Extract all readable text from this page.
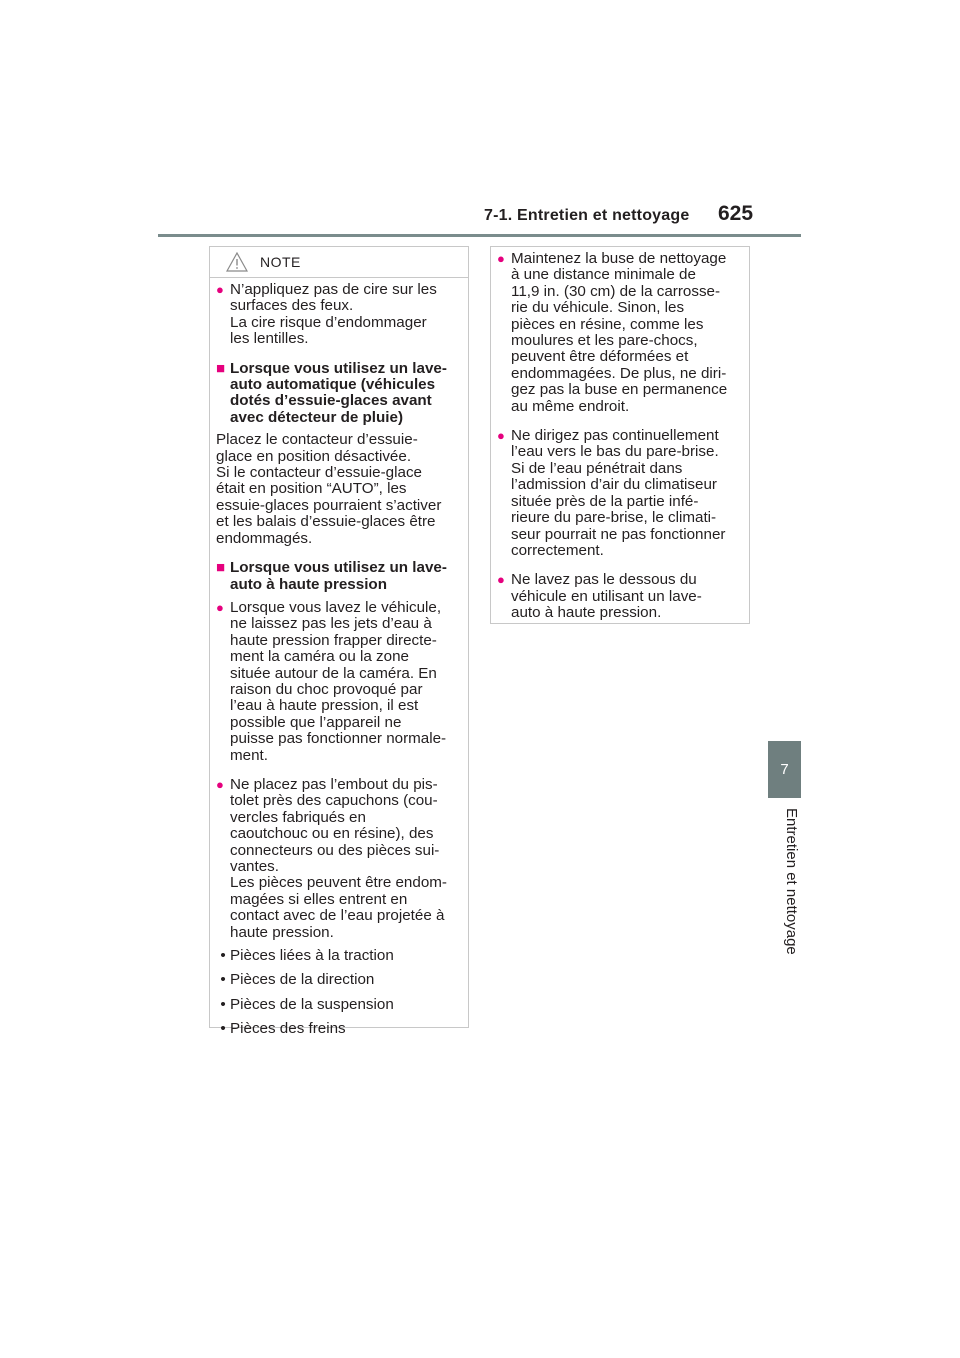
7-1. Entretien et nettoyage 625
7
Entretien et nettoyage
NOTE
● N’appliquez pas de cire sur les
surfaces des feux.
La cire risque d’endommager
les lentilles.
■ Lorsque vous utilisez un lave-
auto automatique (véhicules
dotés d’essuie-glaces avant
avec détecteur de pluie)
Placez le contacteur d’essuie-
glace en position désactivée.
Si le contacteur d’essuie-glace
était en position “AUTO”, les
essuie-glaces pourraient s’activer
et les balais d’essuie-glaces être
endommagés.
■ Lorsque vous utilisez un lave-
auto à haute pression
● Lorsque vous lavez le véhicule,
ne laissez pas les jets d’eau à
haute pression frapper directe-
ment la caméra ou la zone
située autour de la caméra. En
raison du choc provoqué par
l’eau à haute pression, il est
possible que l’appareil ne
puisse pas fonctionner normale-
ment.
● Ne placez pas l’embout du pis-
tolet près des capuchons (cou-
vercles fabriqués en
caoutchouc ou en résine), des
connecteurs ou des pièces sui-
vantes.
Les pièces peuvent être endom-
magées si elles entrent en
contact avec de l’eau projetée à
haute pression.
• Pièces liées à la traction
• Pièces de la direction
• Pièces de la suspension
• Pièces des freins
● Maintenez la buse de nettoyage
à une distance minimale de
11,9 in. (30 cm) de la carrosse-
rie du véhicule. Sinon, les
pièces en résine, comme les
moulures et les pare-chocs,
peuvent être déformées et
endommagées. De plus, ne diri-
gez pas la buse en permanence
au même endroit.
● Ne dirigez pas continuellement
l’eau vers le bas du pare-brise.
Si de l’eau pénétrait dans
l’admission d’air du climatiseur
située près de la partie infé-
rieure du pare-brise, le climati-
seur pourrait ne pas fonctionner
correctement.
● Ne lavez pas le dessous du
véhicule en utilisant un lave-
auto à haute pression.
